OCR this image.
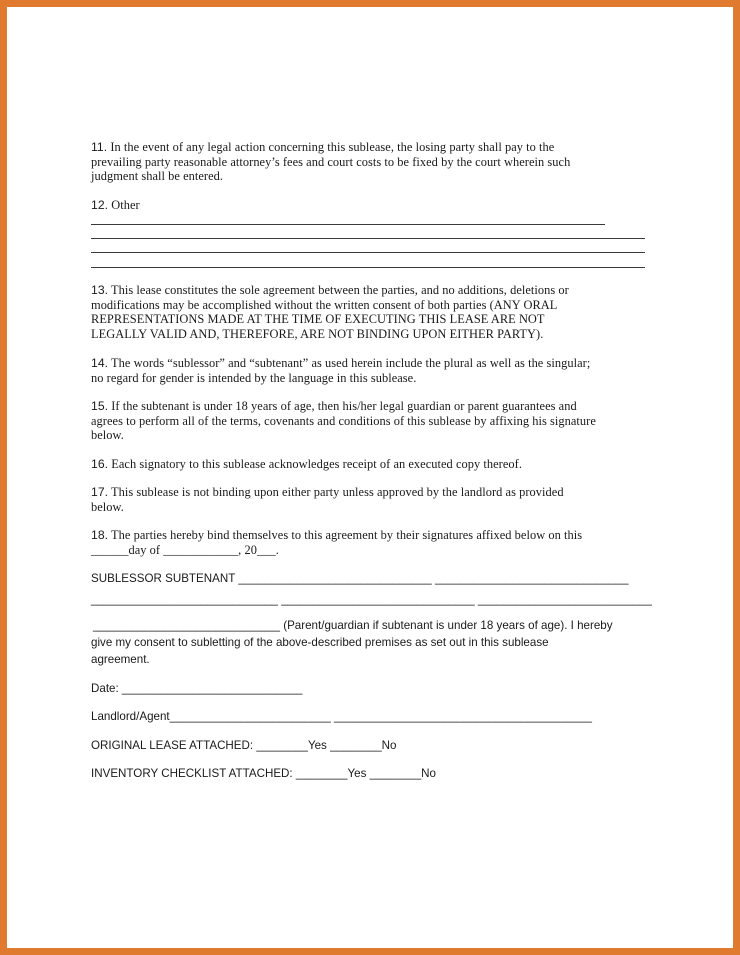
11. In the event of any legal action concerning this sublease, the losing party shall pay to the
prevailing party reasonable attorney’s fees and court costs to be fixed by the court wherein such
judgment shall be entered.
12. Other
13. This lease constitutes the sole agreement between the parties, and no additions, deletions or
modifications may be accomplished without the written consent of both parties (ANY ORAL
REPRESENTATIONS MADE AT THE TIME OF EXECUTING THIS LEASE ARE NOT
LEGALLY VALID AND, THEREFORE, ARE NOT BINDING UPON EITHER PARTY).
14. The words “sublessor” and “subtenant” as used herein include the plural as well as the singular;
no regard for gender is intended by the language in this sublease.
15. If the subtenant is under 18 years of age, then his/her legal guardian or parent guarantees and
agrees to perform all of the terms, covenants and conditions of this sublease by affixing his signature
below.
16. Each signatory to this sublease acknowledges receipt of an executed copy thereof.
17. This sublease is not binding upon either party unless approved by the landlord as provided
below.
18. The parties hereby bind themselves to this agreement by their signatures affixed below on this
______day of ____________, 20___.

SUBLESSOR SUBTENANT ______________________________ ______________________________

_____________________________ ______________________________ ___________________________

_____________________________ (Parent/guardian if subtenant is under 18 years of age). I hereby
give my consent to subletting of the above-described premises as set out in this sublease
agreement.

Date: ____________________________

Landlord/Agent_________________________ ________________________________________

ORIGINAL LEASE ATTACHED: ________Yes ________No

INVENTORY CHECKLIST ATTACHED: ________Yes ________No
